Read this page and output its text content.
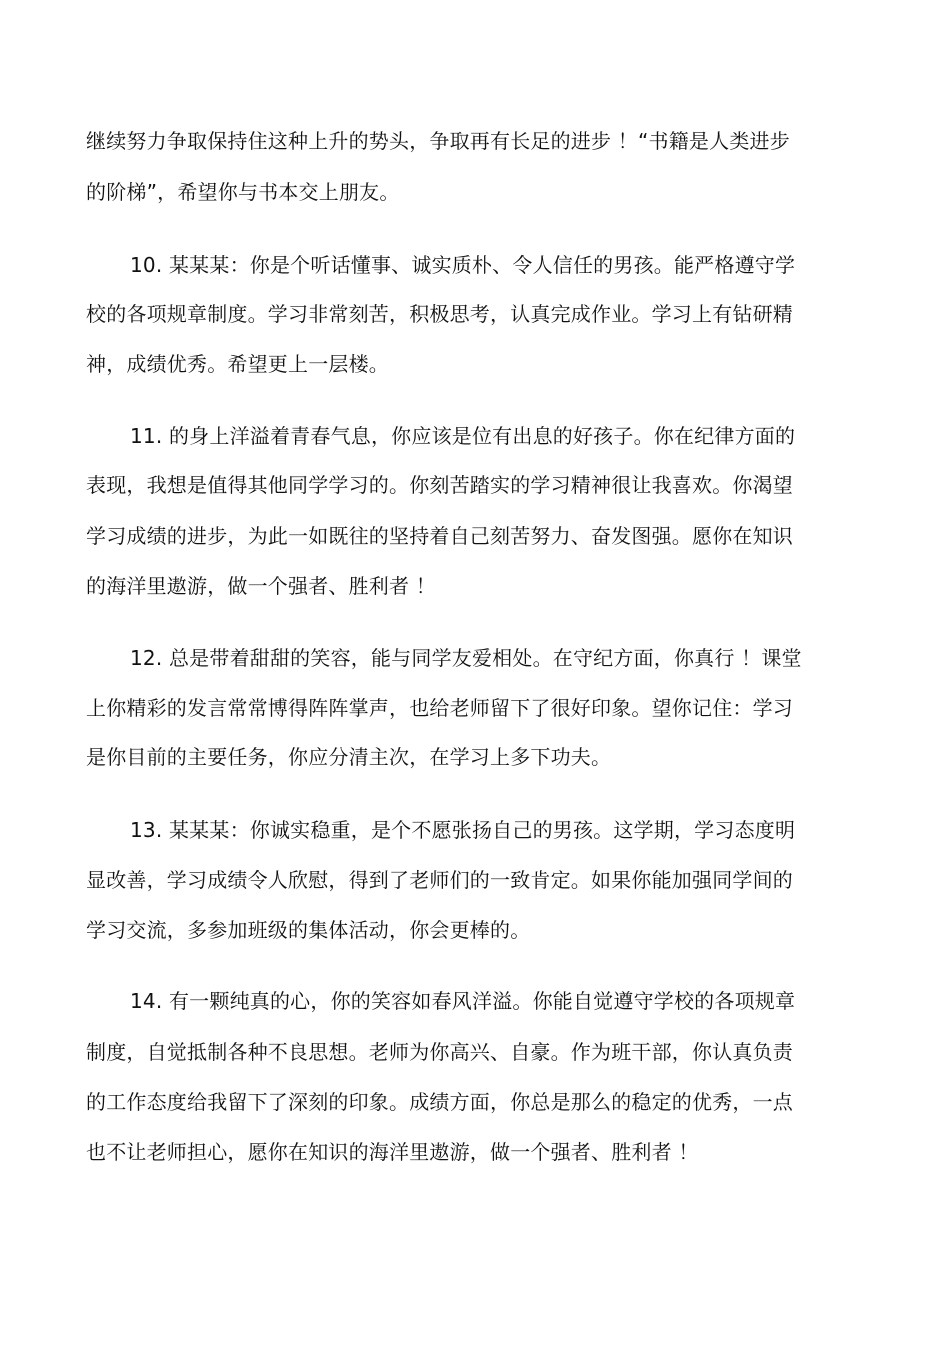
继续努力争取保持住这种上升的势头，争取再有长足的进步 ！“书籍是人类进步
的阶梯”，希望你与书本交上朋友。
10. 某某某：你是个听话懂事、诚实质朴、令人信任的男孩。能严格遵守学
校的各项规章制度。学习非常刻苦，积极思考，认真完成作业。学习上有钻研精
神，成绩优秀。希望更上一层楼。
11. 的身上洋溢着青春气息，你应该是位有出息的好孩子。你在纪律方面的
表现，我想是值得其他同学学习的。你刻苦踏实的学习精神很让我喜欢。你渴望
学习成绩的进步，为此一如既往的坚持着自己刻苦努力、奋发图强。愿你在知识
的海洋里遨游，做一个强者、胜利者 ！
12. 总是带着甜甜的笑容，能与同学友爱相处。在守纪方面，你真行 ！课堂
上你精彩的发言常常博得阵阵掌声，也给老师留下了很好印象。望你记住：学习
是你目前的主要任务，你应分清主次，在学习上多下功夫。
13. 某某某：你诚实稳重，是个不愿张扬自己的男孩。这学期，学习态度明
显改善，学习成绩令人欣慰，得到了老师们的一致肯定。如果你能加强同学间的
学习交流，多参加班级的集体活动，你会更棒的。
14. 有一颗纯真的心，你的笑容如春风洋溢。你能自觉遵守学校的各项规章
制度，自觉抵制各种不良思想。老师为你高兴、自豪。作为班干部，你认真负责
的工作态度给我留下了深刻的印象。成绩方面，你总是那么的稳定的优秀，一点
也不让老师担心，愿你在知识的海洋里遨游，做一个强者、胜利者 ！
